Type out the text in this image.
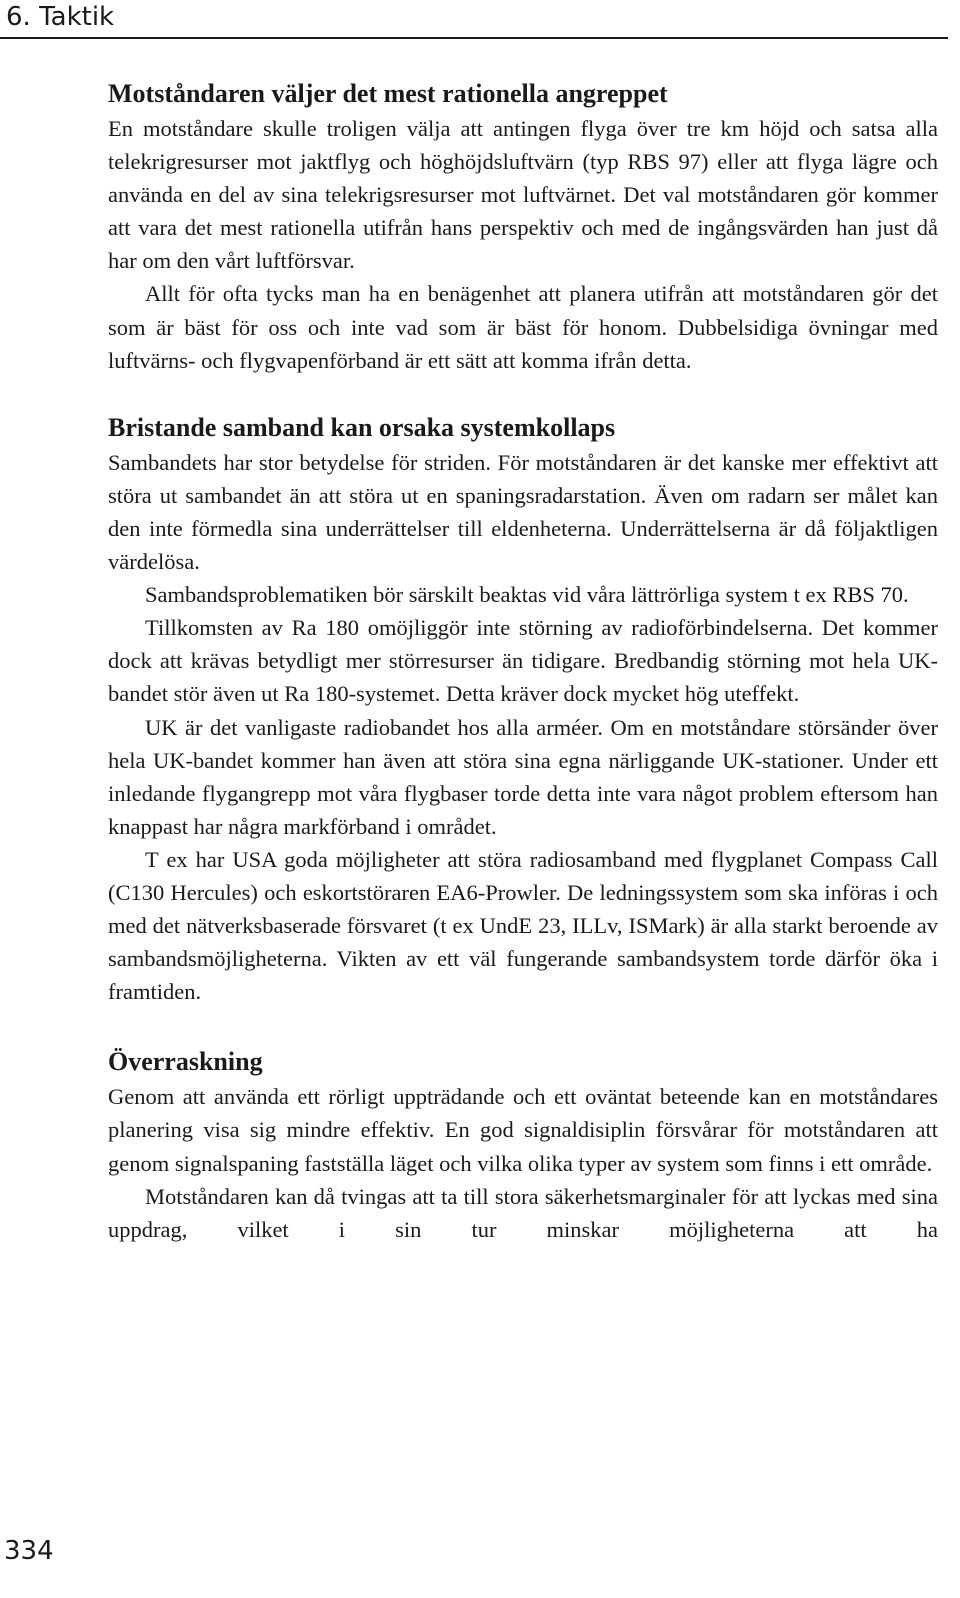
6. Taktik
Motståndaren väljer det mest rationella angreppet

En motståndare skulle troligen välja att antingen flyga över tre km höjd och satsa alla telekrigresurser mot jaktflyg och höghöjdsluftvärn (typ RBS 97) eller att flyga lägre och använda en del av sina telekrigsresurser mot luftvärnet. Det val motståndaren gör kommer att vara det mest rationella utifrån hans perspektiv och med de ingångsvärden han just då har om den vårt luftförsvar.

Allt för ofta tycks man ha en benägenhet att planera utifrån att motståndaren gör det som är bäst för oss och inte vad som är bäst för honom. Dubbelsidiga övningar med luftvärns- och flygvapenförband är ett sätt att komma ifrån detta.

Bristande samband kan orsaka systemkollaps

Sambandets har stor betydelse för striden. För motståndaren är det kanske mer effektivt att störa ut sambandet än att störa ut en spaningsradarstation. Även om radarn ser målet kan den inte förmedla sina underrättelser till eldenheterna. Underrättelserna är då följaktligen värdelösa.

Sambandsproblematiken bör särskilt beaktas vid våra lättrörliga system t ex RBS 70.

Tillkomsten av Ra 180 omöjliggör inte störning av radioförbindelserna. Det kommer dock att krävas betydligt mer störresurser än tidigare. Bredbandig störning mot hela UK-bandet stör även ut Ra 180-systemet. Detta kräver dock mycket hög uteffekt.

UK är det vanligaste radiobandet hos alla arméer. Om en motståndare störsänder över hela UK-bandet kommer han även att störa sina egna närliggande UK-stationer. Under ett inledande flygangrepp mot våra flygbaser torde detta inte vara något problem eftersom han knappast har några markförband i området.

T ex har USA goda möjligheter att störa radiosamband med flygplanet Compass Call (C130 Hercules) och eskortstöraren EA6-Prowler. De ledningssystem som ska införas i och med det nätverksbaserade försvaret (t ex UndE 23, ILLv, ISMark) är alla starkt beroende av sambandsmöjligheterna. Vikten av ett väl fungerande sambandsystem torde därför öka i framtiden.

Överraskning

Genom att använda ett rörligt uppträdande och ett oväntat beteende kan en motståndares planering visa sig mindre effektiv. En god signaldisiplin försvårar för motståndaren att genom signalspaning fastställa läget och vilka olika typer av system som finns i ett område.

Motståndaren kan då tvingas att ta till stora säkerhetsmarginaler för att lyckas med sina uppdrag, vilket i sin tur minskar möjligheterna att ha

334
